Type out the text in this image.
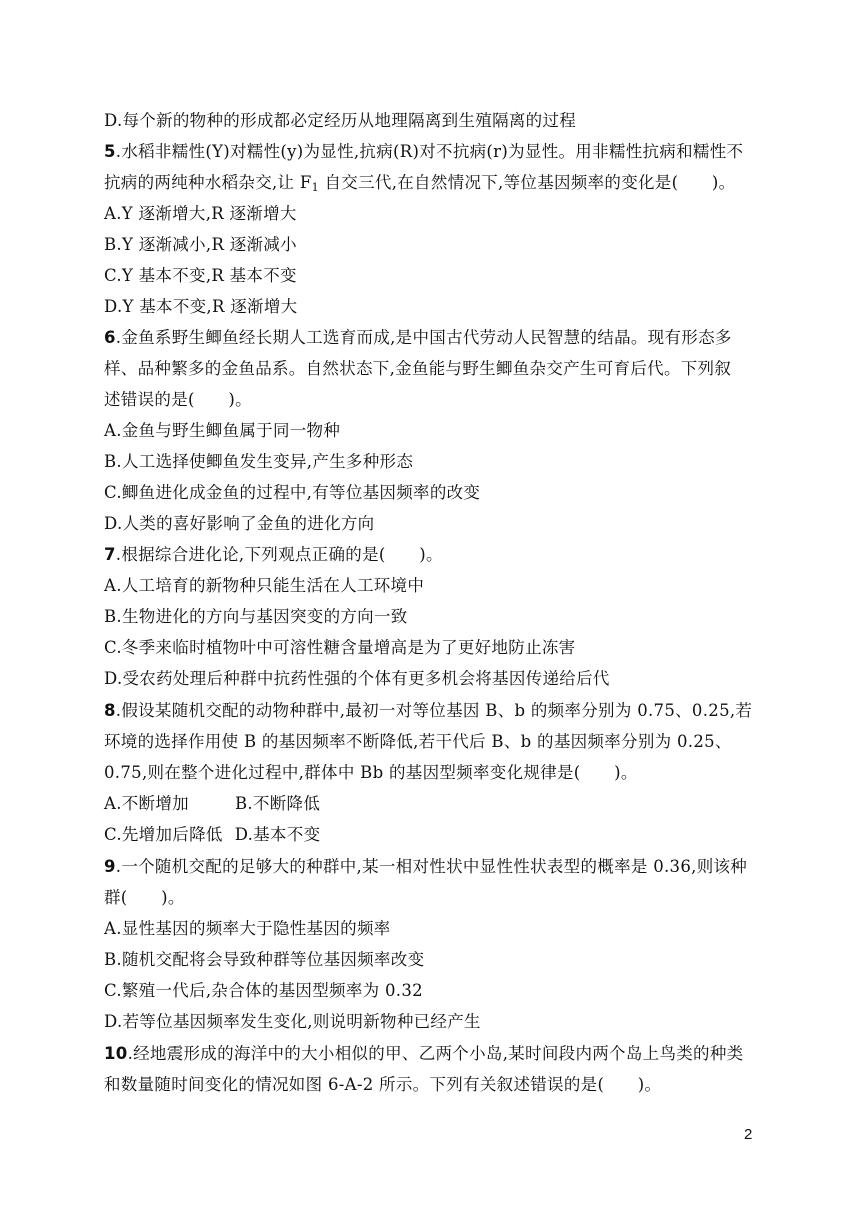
D.每个新的物种的形成都必定经历从地理隔离到生殖隔离的过程
5.水稻非糯性(Y)对糯性(y)为显性,抗病(R)对不抗病(r)为显性。用非糯性抗病和糯性不
抗病的两纯种水稻杂交,让 $F_1$ 自交三代,在自然情况下,等位基因频率的变化是(　　)。
A.Y 逐渐增大,R 逐渐增大
B.Y 逐渐减小,R 逐渐减小
C.Y 基本不变,R 基本不变
D.Y 基本不变,R 逐渐增大
6.金鱼系野生鲫鱼经长期人工选育而成,是中国古代劳动人民智慧的结晶。现有形态多
样、品种繁多的金鱼品系。自然状态下,金鱼能与野生鲫鱼杂交产生可育后代。下列叙
述错误的是(　　)。
A.金鱼与野生鲫鱼属于同一物种
B.人工选择使鲫鱼发生变异,产生多种形态
C.鲫鱼进化成金鱼的过程中,有等位基因频率的改变
D.人类的喜好影响了金鱼的进化方向
7.根据综合进化论,下列观点正确的是(　　)。
A.人工培育的新物种只能生活在人工环境中
B.生物进化的方向与基因突变的方向一致
C.冬季来临时植物叶中可溶性糖含量增高是为了更好地防止冻害
D.受农药处理后种群中抗药性强的个体有更多机会将基因传递给后代
8.假设某随机交配的动物种群中,最初一对等位基因 B、b 的频率分别为 0.75、0.25,若
环境的选择作用使 B 的基因频率不断降低,若干代后 B、b 的基因频率分别为 0.25、
0.75,则在整个进化过程中,群体中 Bb 的基因型频率变化规律是(　　)。
A.不断增加	B.不断降低
C.先增加后降低 D.基本不变
9.一个随机交配的足够大的种群中,某一相对性状中显性性状表型的概率是 0.36,则该种
群(　　)。
A.显性基因的频率大于隐性基因的频率
B.随机交配将会导致种群等位基因频率改变
C.繁殖一代后,杂合体的基因型频率为 0.32
D.若等位基因频率发生变化,则说明新物种已经产生
10.经地震形成的海洋中的大小相似的甲、乙两个小岛,某时间段内两个岛上鸟类的种类
和数量随时间变化的情况如图 6-A-2 所示。下列有关叙述错误的是(　　)。
2
